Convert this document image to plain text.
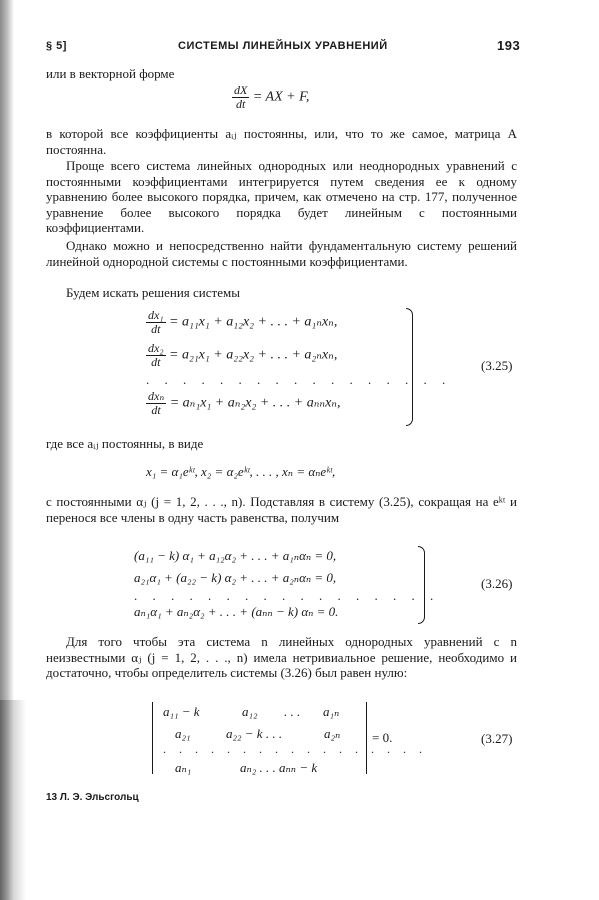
§ 5]	СИСТЕМЫ ЛИНЕЙНЫХ УРАВНЕНИЙ	193

или в векторной форме

$\frac{dX}{dt}$ = AX + F,

в которой все коэффициенты aᵢⱼ постоянны, или, что то же самое, матрица A постоянна.

Проще всего система линейных однородных или неоднородных уравнений с постоянными коэффициентами интегрируется путем сведения ее к одному уравнению более высокого порядка, причем, как отмечено на стр. 177, полученное уравнение более высокого порядка будет линейным с постоянными коэффициентами.

Однако можно и непосредственно найти фундаментальную систему решений линейной однородной системы с постоянными коэффициентами.

Будем искать решения системы

$\frac{\text{dx₁}}{dt} = a_{11}x_1 + a_{12}x_2$ + . . . + a₁ₙxₙ,
$\frac{\text{dx₂}}{dt} = a_{21}x_1 + a_{22}x_2$ + . . . + a₂ₙxₙ,
. . . . . . . . . . . . . . . . .
$\frac{\text{dxₙ}}{dt} = a_{n1}x_1 + a_{n2}x_2$ + . . . + aₙₙxₙ,
(3.25)

где все aᵢⱼ постоянны, в виде

x₁ = α₁eᵏᵗ, x₂ = α₂eᵏᵗ, . . . , xₙ = αₙeᵏᵗ,

с постоянными αⱼ (j = 1, 2, . . ., n). Подставляя в систему (3.25), сокращая на eᵏᵗ и перенося все члены в одну часть равенства, получим

(a₁₁ − k) α₁ + a₁₂α₂ + . . . + a₁ₙαₙ = 0,
a₂₁α₁ + (a₂₂ − k) α₂ + . . . + a₂ₙαₙ = 0,
. . . . . . . . . . . . . . . . .
aₙ₁α₁ + aₙ₂α₂ + . . . + (aₙₙ − k) αₙ = 0.
(3.26)

Для того чтобы эта система n линейных однородных уравнений с n неизвестными αⱼ (j = 1, 2, . . ., n) имела нетривиальное решение, необходимо и достаточно, чтобы определитель системы (3.26) был равен нулю:

a₁₁ − k	a₁₂ . . . a₁ₙ
a₂₁	a₂₂ − k . . .	a₂ₙ
. . . . . . . . . . . . . . . . .
aₙ₁	aₙ₂ . . . aₙₙ − k
= 0.	(3.27)
13 Л. Э. Эльсгольц
